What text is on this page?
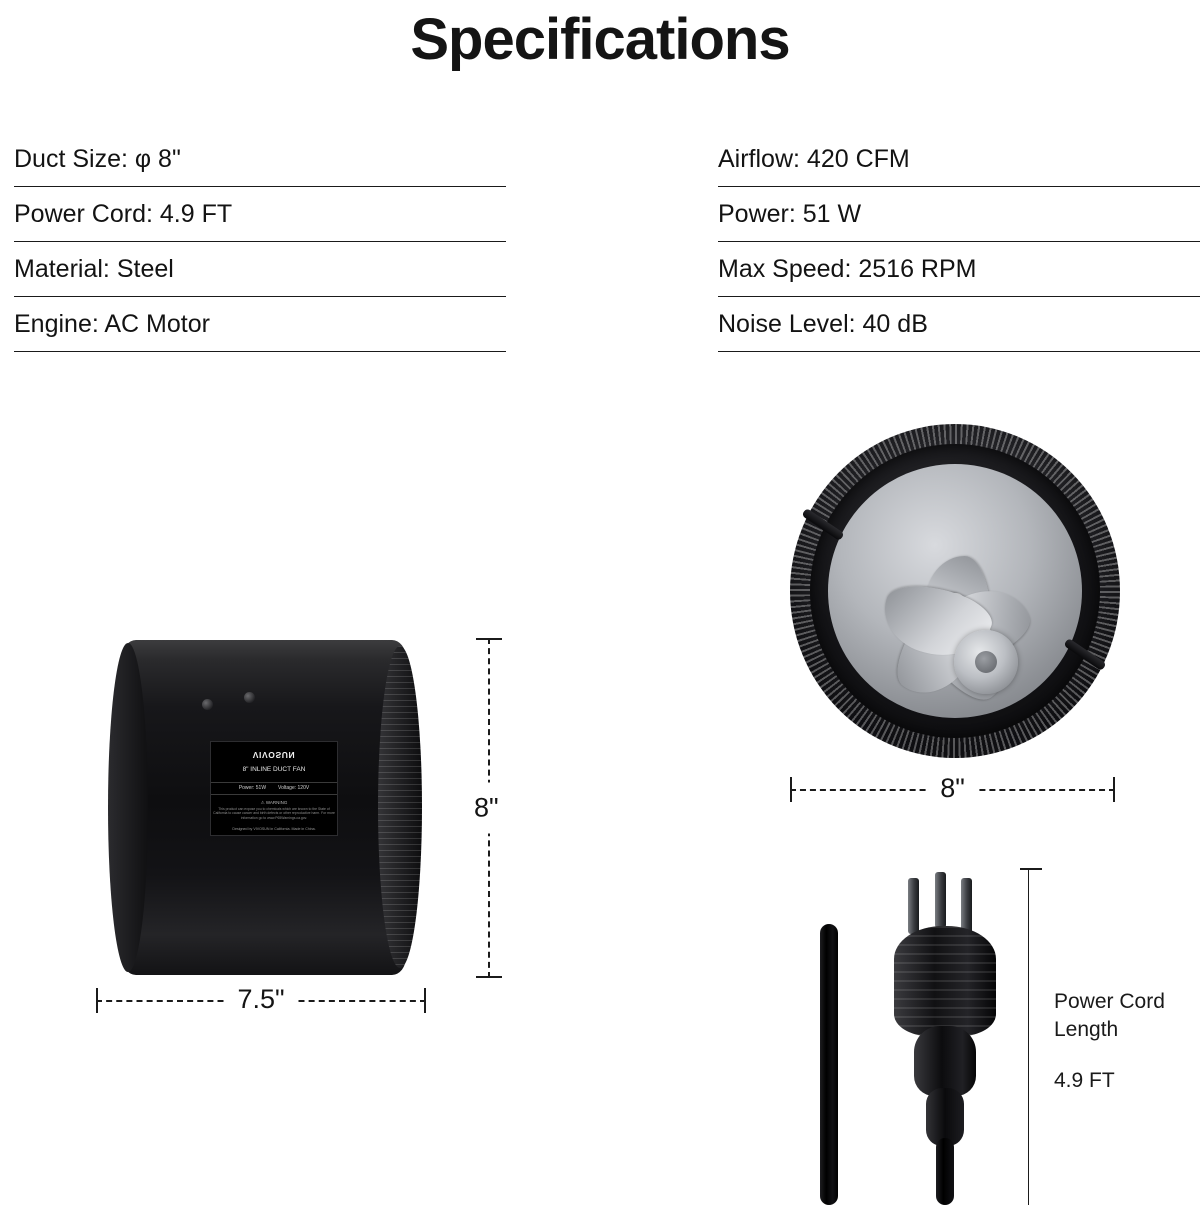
Specifications
Duct Size: φ 8"
Power Cord: 4.9 FT
Material: Steel
Engine: AC Motor
Airflow: 420 CFM
Power: 51 W
Max Speed: 2516 RPM
Noise Level: 40 dB
VIVOSUN
8" INLINE DUCT FAN
Power: 51W Voltage: 120V
⚠ WARNING
This product can expose you to chemicals which are known to the State of California to cause cancer and birth defects or other reproductive harm. For more information go to www.P65Warnings.ca.gov.
Designed by VIVOSUN in California. Made in China.
7.5"
8"
8"
Power Cord Length
4.9 FT
